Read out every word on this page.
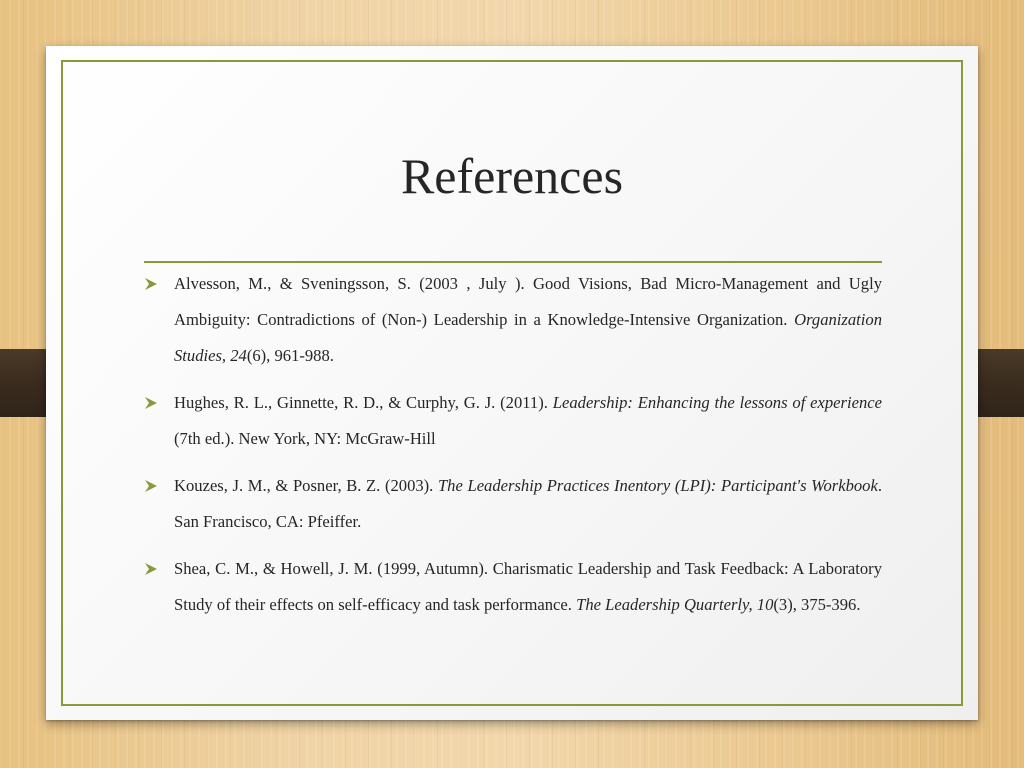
References
Alvesson, M., & Sveningsson, S. (2003 , July ). Good Visions, Bad Micro-Management and Ugly Ambiguity: Contradictions of (Non-) Leadership in a Knowledge-Intensive Organization. Organization Studies, 24(6), 961-988.
Hughes, R. L., Ginnette, R. D., & Curphy, G. J. (2011). Leadership: Enhancing the lessons of experience (7th ed.). New York, NY: McGraw-Hill
Kouzes, J. M., & Posner, B. Z. (2003). The Leadership Practices Inentory (LPI): Participant's Workbook. San Francisco, CA: Pfeiffer.
Shea, C. M., & Howell, J. M. (1999, Autumn). Charismatic Leadership and Task Feedback: A Laboratory Study of their effects on self-efficacy and task performance. The Leadership Quarterly, 10(3), 375-396.
